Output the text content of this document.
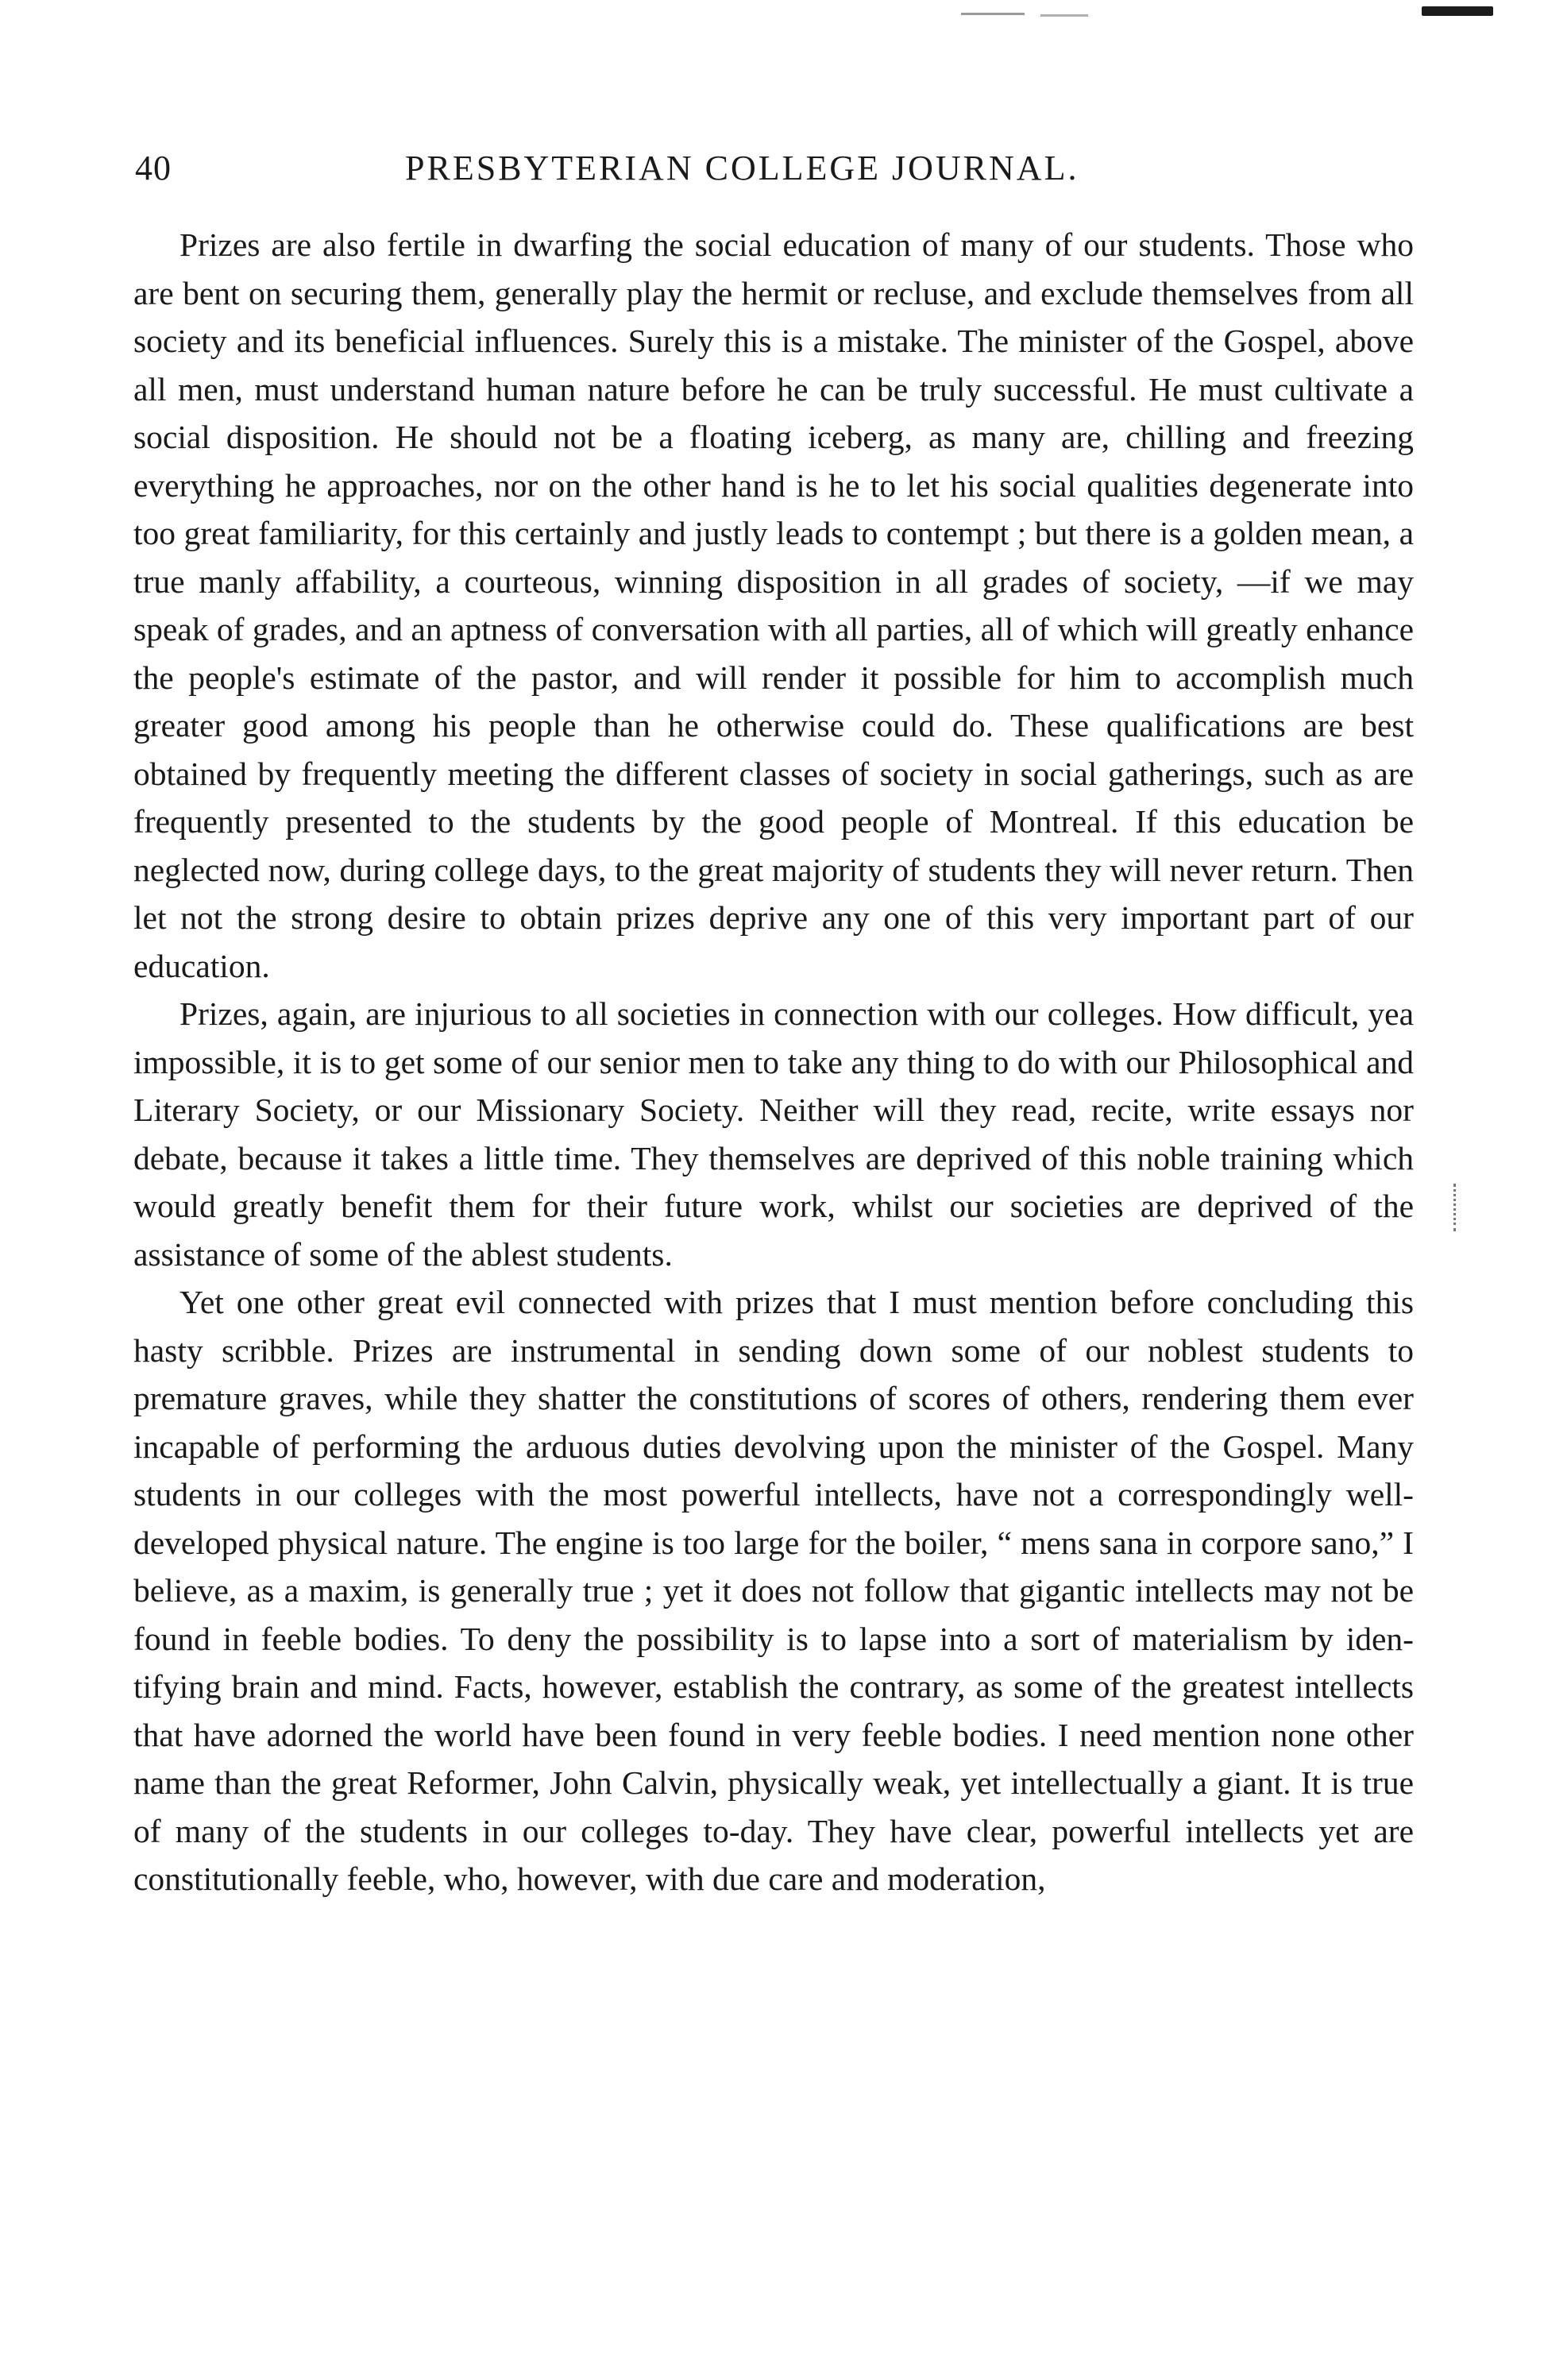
40	PRESBYTERIAN COLLEGE JOURNAL.

Prizes are also fertile in dwarfing the social education of many of our students. Those who are bent on securing them, generally play the hermit or recluse, and exclude themselves from all society and its beneficial influences. Surely this is a mistake. The minister of the Gospel, above all men, must understand human nature before he can be truly successful. He must cultivate a social disposition. He should not be a floating iceberg, as many are, chilling and freezing everything he approaches, nor on the other hand is he to let his social qualities degenerate into too great familiarity, for this certainly and justly leads to contempt ; but there is a golden mean, a true manly affability, a courteous, winning disposition in all grades of society, —if we may speak of grades, and an aptness of conversation with all parties, all of which will greatly enhance the people's estimate of the pastor, and will render it possible for him to accomplish much greater good among his people than he otherwise could do. These qualifications are best obtained by frequently meeting the different classes of society in social gatherings, such as are frequently presented to the students by the good people of Montreal. If this education be neglected now, during college days, to the great majority of students they will never return. Then let not the strong desire to obtain prizes deprive any one of this very important part of our education.

Prizes, again, are injurious to all societies in connection with our colleges. How difficult, yea impossible, it is to get some of our senior men to take any thing to do with our Philosophical and Literary Society, or our Missionary Society. Neither will they read, recite, write essays nor debate, because it takes a little time. They themselves are deprived of this noble training which would greatly benefit them for their future work, whilst our societies are deprived of the assistance of some of the ablest students.

Yet one other great evil connected with prizes that I must mention before concluding this hasty scribble. Prizes are instrumental in sending down some of our noblest students to premature graves, while they shatter the constitutions of scores of others, rendering them ever incapable of performing the arduous duties devolving upon the minister of the Gospel. Many students in our colleges with the most powerful intellects, have not a correspondingly well-developed physical nature. The engine is too large for the boiler, “ mens sana in corpore sano,” I believe, as a maxim, is generally true ; yet it does not follow that gigantic intellects may not be found in feeble bodies. To deny the possibility is to lapse into a sort of materialism by identifying brain and mind. Facts, however, establish the contrary, as some of the greatest intellects that have adorned the world have been found in very feeble bodies. I need mention none other name than the great Reformer, John Calvin, physically weak, yet intellectually a giant. It is true of many of the students in our colleges to-day. They have clear, powerful intellects yet are constitutionally feeble, who, however, with due care and moderation,
